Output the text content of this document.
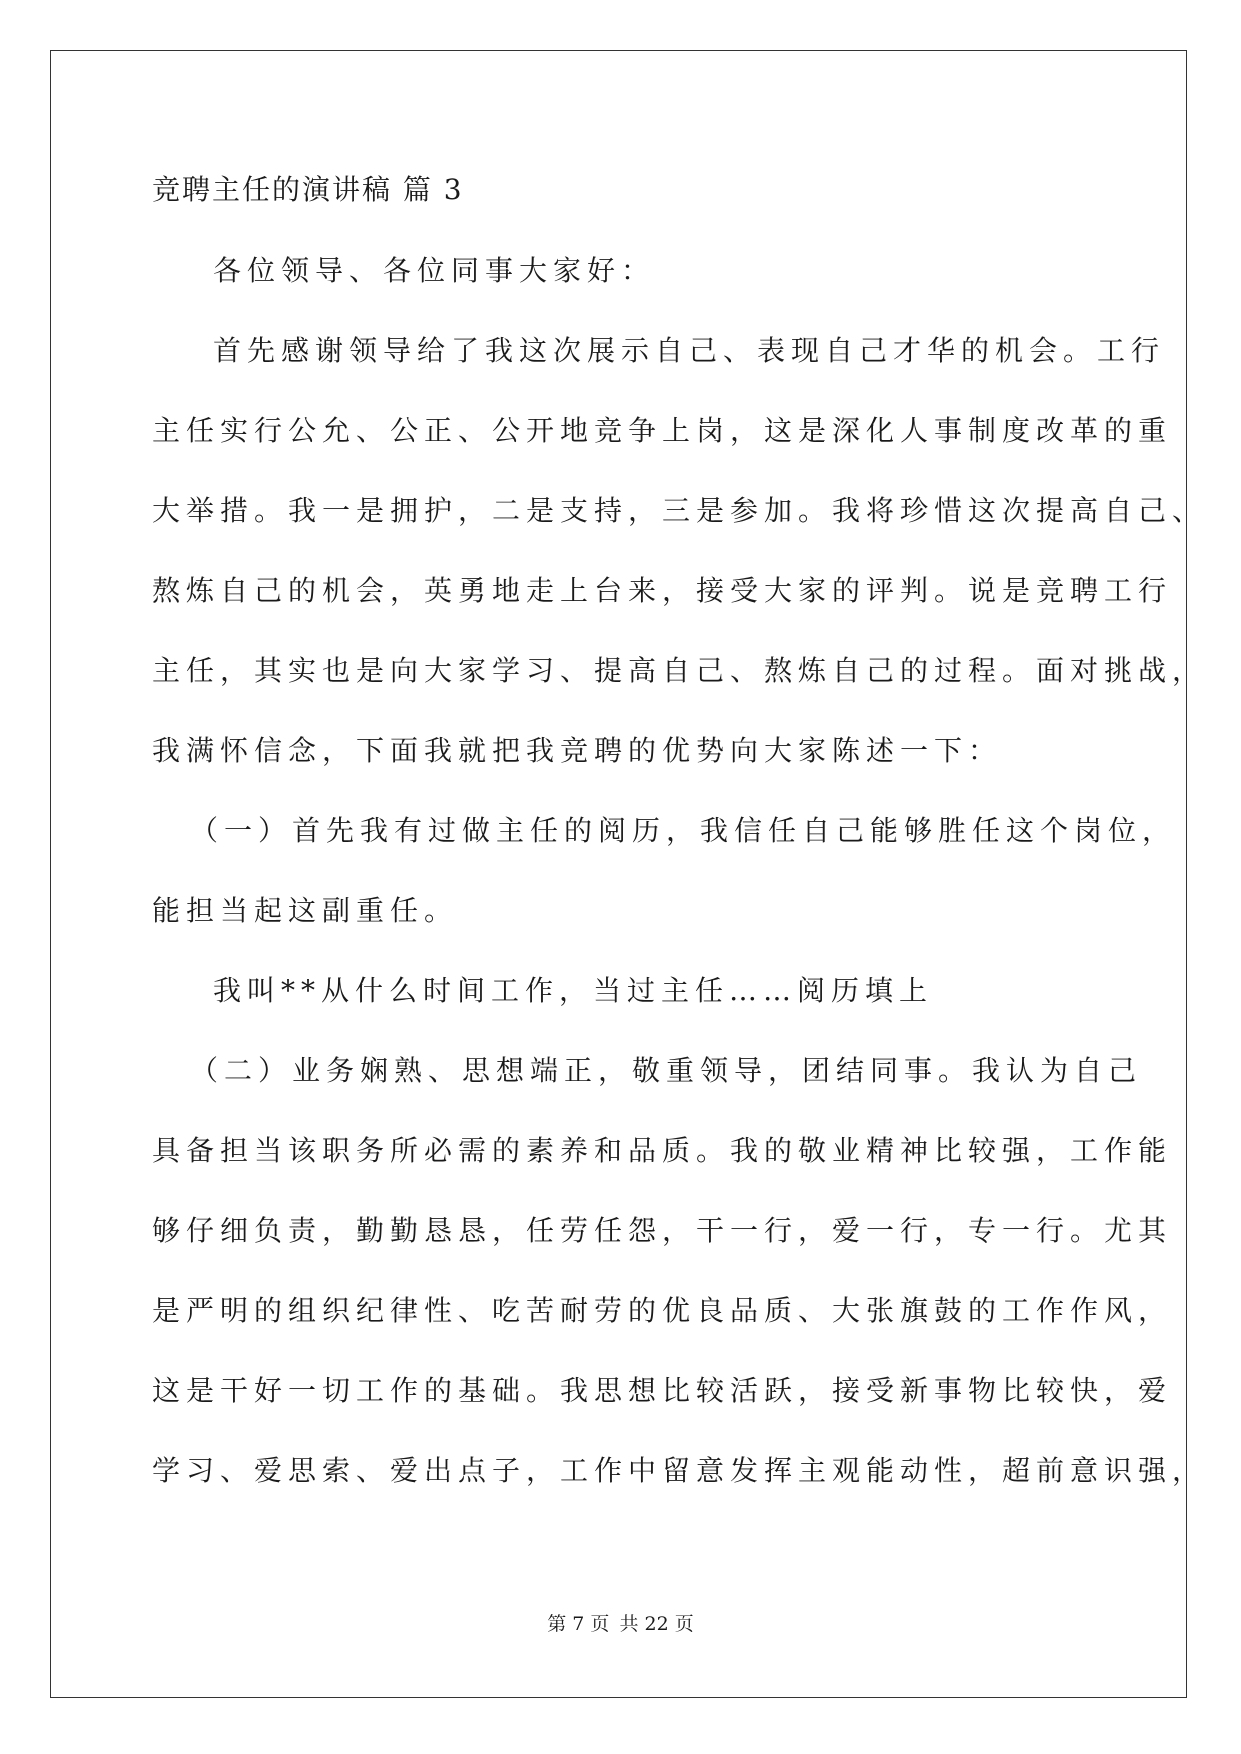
竞聘主任的演讲稿 篇 3
各位领导、各位同事大家好：
首先感谢领导给了我这次展示自己、表现自己才华的机会。工行
主任实行公允、公正、公开地竞争上岗，这是深化人事制度改革的重
大举措。我一是拥护，二是支持，三是参加。我将珍惜这次提高自己、
熬炼自己的机会，英勇地走上台来，接受大家的评判。说是竞聘工行
主任，其实也是向大家学习、提高自己、熬炼自己的过程。面对挑战，
我满怀信念，下面我就把我竞聘的优势向大家陈述一下：
（一）首先我有过做主任的阅历，我信任自己能够胜任这个岗位，
能担当起这副重任。
我叫**从什么时间工作，当过主任……阅历填上
（二）业务娴熟、思想端正，敬重领导，团结同事。我认为自己
具备担当该职务所必需的素养和品质。我的敬业精神比较强，工作能
够仔细负责，勤勤恳恳，任劳任怨，干一行，爱一行，专一行。尤其
是严明的组织纪律性、吃苦耐劳的优良品质、大张旗鼓的工作作风，
这是干好一切工作的基础。我思想比较活跃，接受新事物比较快，爱
学习、爱思索、爱出点子，工作中留意发挥主观能动性，超前意识强，
第 7 页 共 22 页
